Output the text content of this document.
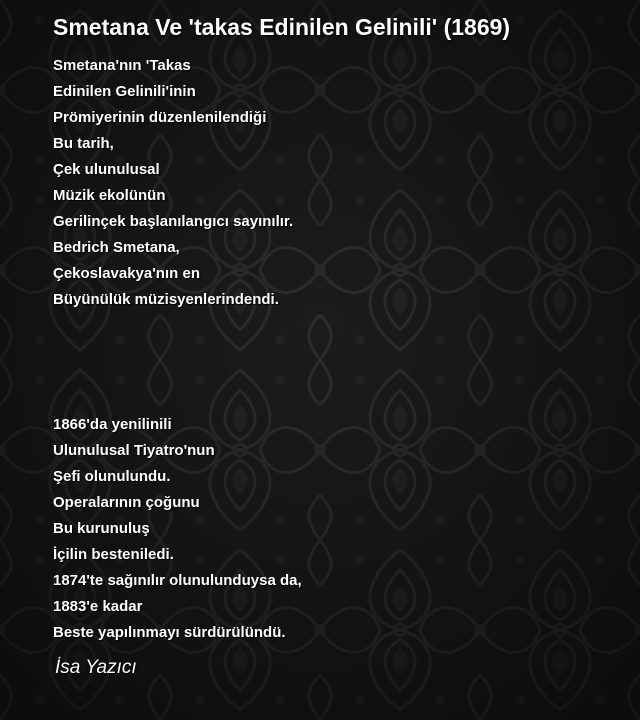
Smetana Ve 'takas Edinilen Gelinili' (1869)
Smetana'nın 'Takas
Edinilen Gelinili'inin
Prömiyerinin düzenlenilendiği
Bu tarih,
Çek ulunulusal
Müzik ekolünün
Gerilinçek başlanılangıcı sayınılır.
Bedrich Smetana,
Çekoslavakya'nın en
Büyünülük müzisyenlerindendi.
1866'da yenilinili
Ulunulusal Tiyatro'nun
Şefi olunulundu.
Operalarının çoğunu
Bu kurunuluş
İçilin besteniledi.
1874'te sağınılır olunulunduysa da,
1883'e kadar
Beste yapılınmayı sürdürülündü.
İsa Yazıcı
